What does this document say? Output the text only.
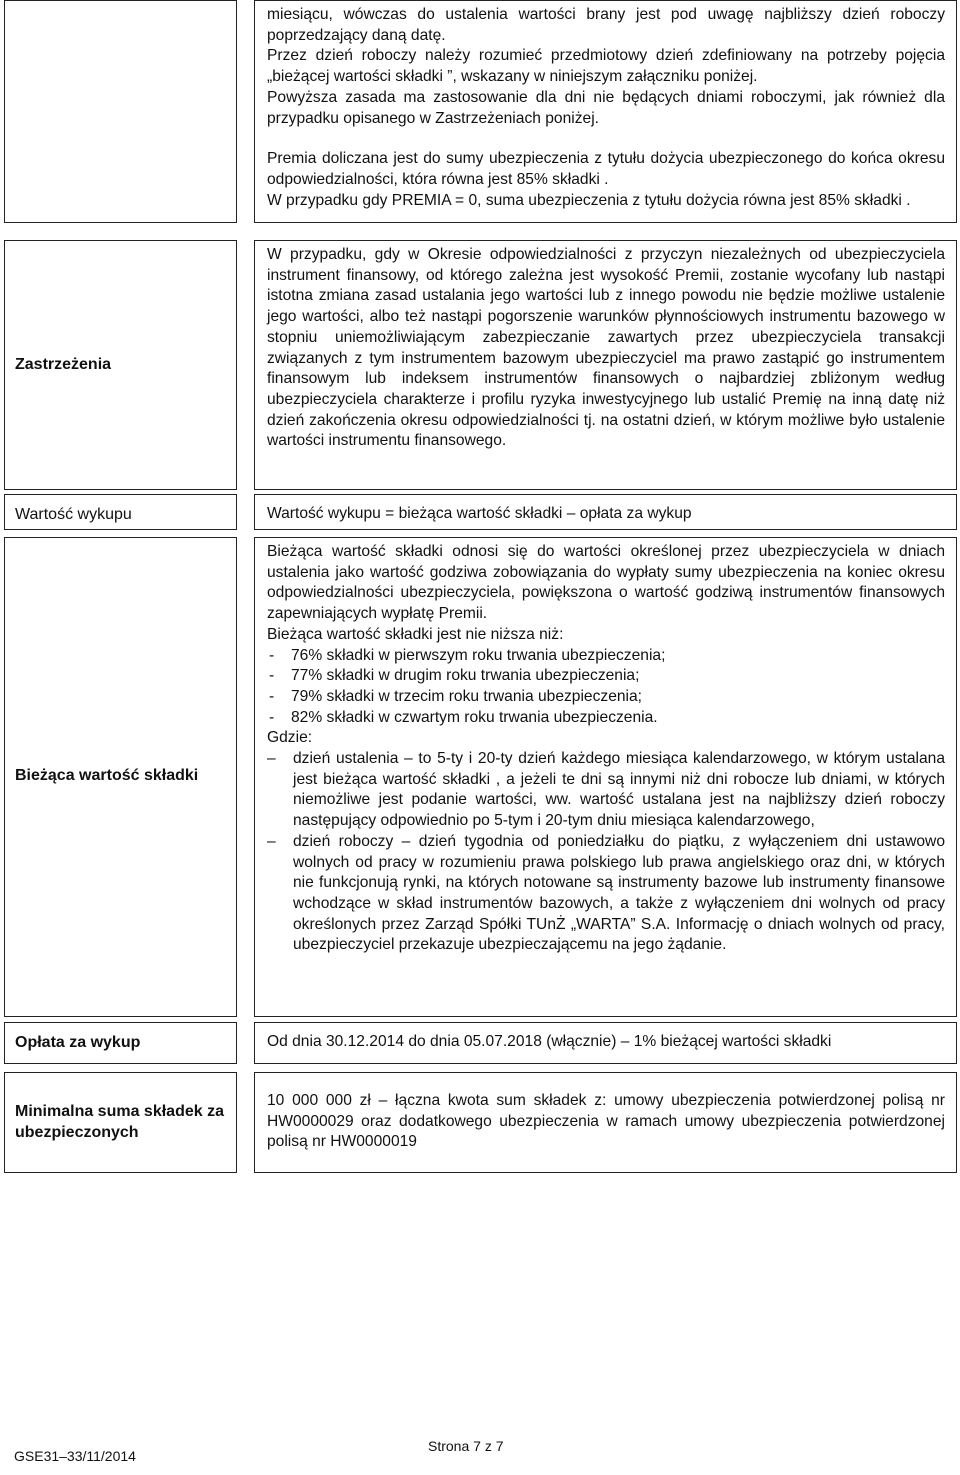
miesiącu, wówczas do ustalenia wartości brany jest pod uwagę najbliższy dzień roboczy poprzedzający daną datę.

Przez dzień roboczy należy rozumieć przedmiotowy dzień zdefiniowany na potrzeby pojęcia „bieżącej wartości składki ”, wskazany w niniejszym załączniku poniżej.

Powyższa zasada ma zastosowanie dla dni nie będących dniami roboczymi, jak również dla przypadku opisanego w Zastrzeżeniach poniżej.

Premia doliczana jest do sumy ubezpieczenia z tytułu dożycia ubezpieczonego do końca okresu odpowiedzialności, która równa jest 85% składki .

W przypadku gdy PREMIA = 0, suma ubezpieczenia z tytułu dożycia równa jest 85% składki .

Zastrzeżenia

W przypadku, gdy w Okresie odpowiedzialności z przyczyn niezależnych od ubezpieczyciela instrument finansowy, od którego zależna jest wysokość Premii, zostanie wycofany lub nastąpi istotna zmiana zasad ustalania jego wartości lub z innego powodu nie będzie możliwe ustalenie jego wartości, albo też nastąpi pogorszenie warunków płynnościowych instrumentu bazowego w stopniu uniemożliwiającym zabezpieczanie zawartych przez ubezpieczyciela transakcji związanych z tym instrumentem bazowym ubezpieczyciel ma prawo zastąpić go instrumentem finansowym lub indeksem instrumentów finansowych o najbardziej zbliżonym według ubezpieczyciela charakterze i profilu ryzyka inwestycyjnego lub ustalić Premię na inną datę niż dzień zakończenia okresu odpowiedzialności tj. na ostatni dzień, w którym możliwe było ustalenie wartości instrumentu finansowego.

Wartość wykupu	Wartość wykupu = bieżąca wartość składki – opłata za wykup

Bieżąca wartość składki

Bieżąca wartość składki odnosi się do wartości określonej przez ubezpieczyciela w dniach ustalenia jako wartość godziwa zobowiązania do wypłaty sumy ubezpieczenia na koniec okresu odpowiedzialności ubezpieczyciela, powiększona o wartość godziwą instrumentów finansowych zapewniających wypłatę Premii.

Bieżąca wartość składki jest nie niższa niż:

- 76% składki w pierwszym roku trwania ubezpieczenia;
- 77% składki w drugim roku trwania ubezpieczenia;
- 79% składki w trzecim roku trwania ubezpieczenia;
- 82% składki w czwartym roku trwania ubezpieczenia.

Gdzie:

– dzień ustalenia – to 5-ty i 20-ty dzień każdego miesiąca kalendarzowego, w którym ustalana jest bieżąca wartość składki , a jeżeli te dni są innymi niż dni robocze lub dniami, w których niemożliwe jest podanie wartości, ww. wartość ustalana jest na najbliższy dzień roboczy następujący odpowiednio po 5-tym i 20-tym dniu miesiąca kalendarzowego,
– dzień roboczy – dzień tygodnia od poniedziałku do piątku, z wyłączeniem dni ustawowo wolnych od pracy w rozumieniu prawa polskiego lub prawa angielskiego oraz dni, w których nie funkcjonują rynki, na których notowane są instrumenty bazowe lub instrumenty finansowe wchodzące w skład instrumentów bazowych, a także z wyłączeniem dni wolnych od pracy określonych przez Zarząd Spółki TUnŻ „WARTA” S.A. Informację o dniach wolnych od pracy, ubezpieczyciel przekazuje ubezpieczającemu na jego żądanie.
Opłata za wykup	Od dnia 30.12.2014 do dnia 05.07.2018 (włącznie) – 1% bieżącej wartości składki

Minimalna suma składek za ubezpieczonych

10 000 000 zł – łączna kwota sum składek z: umowy ubezpieczenia potwierdzonej polisą nr HW0000029 oraz dodatkowego ubezpieczenia w ramach umowy ubezpieczenia potwierdzonej polisą nr HW0000019

GSE31–33/11/2014
Strona 7 z 7
